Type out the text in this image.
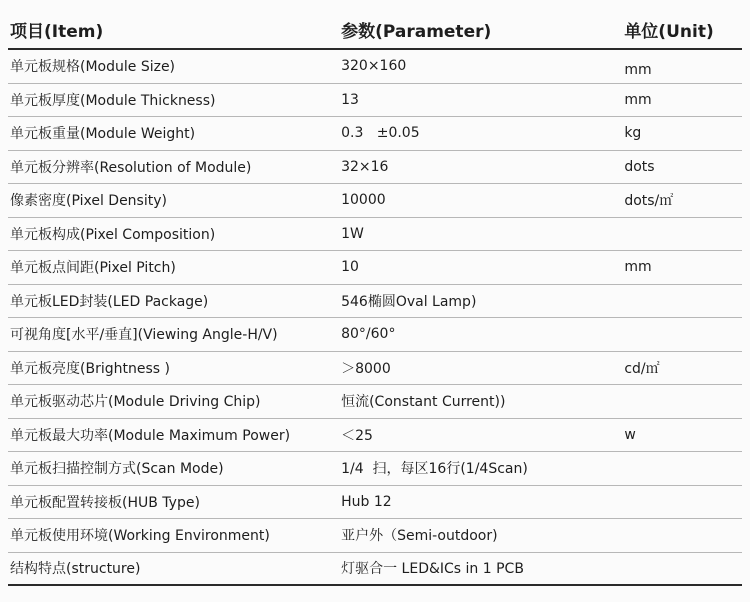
项目(Item)	参数(Parameter)	单位(Unit)
单元板规格(Module Size)	320×160	mm
单元板厚度(Module Thickness)	13	mm
单元板重量(Module Weight)	0.3   ±0.05	kg
单元板分辨率(Resolution of Module)	32×16	dots
像素密度(Pixel Density)	10000	dots/㎡
单元板构成(Pixel Composition)	1W
单元板点间距(Pixel Pitch)	10	mm
单元板LED封装(LED Package)	546椭圆Oval Lamp)
可视角度[水平/垂直](Viewing Angle-H/V)	80°/60°
单元板亮度(Brightness )	＞8000	cd/㎡
单元板驱动芯片(Module Driving Chip)	恒流(Constant Current))
单元板最大功率(Module Maximum Power)	＜25	w
单元板扫描控制方式(Scan Mode)	1/4  扫，每区16行(1/4Scan)
单元板配置转接板(HUB Type)	Hub 12
单元板使用环境(Working Environment)	亚户外（Semi-outdoor)
结构特点(structure)	灯驱合一 LED&ICs in 1 PCB
